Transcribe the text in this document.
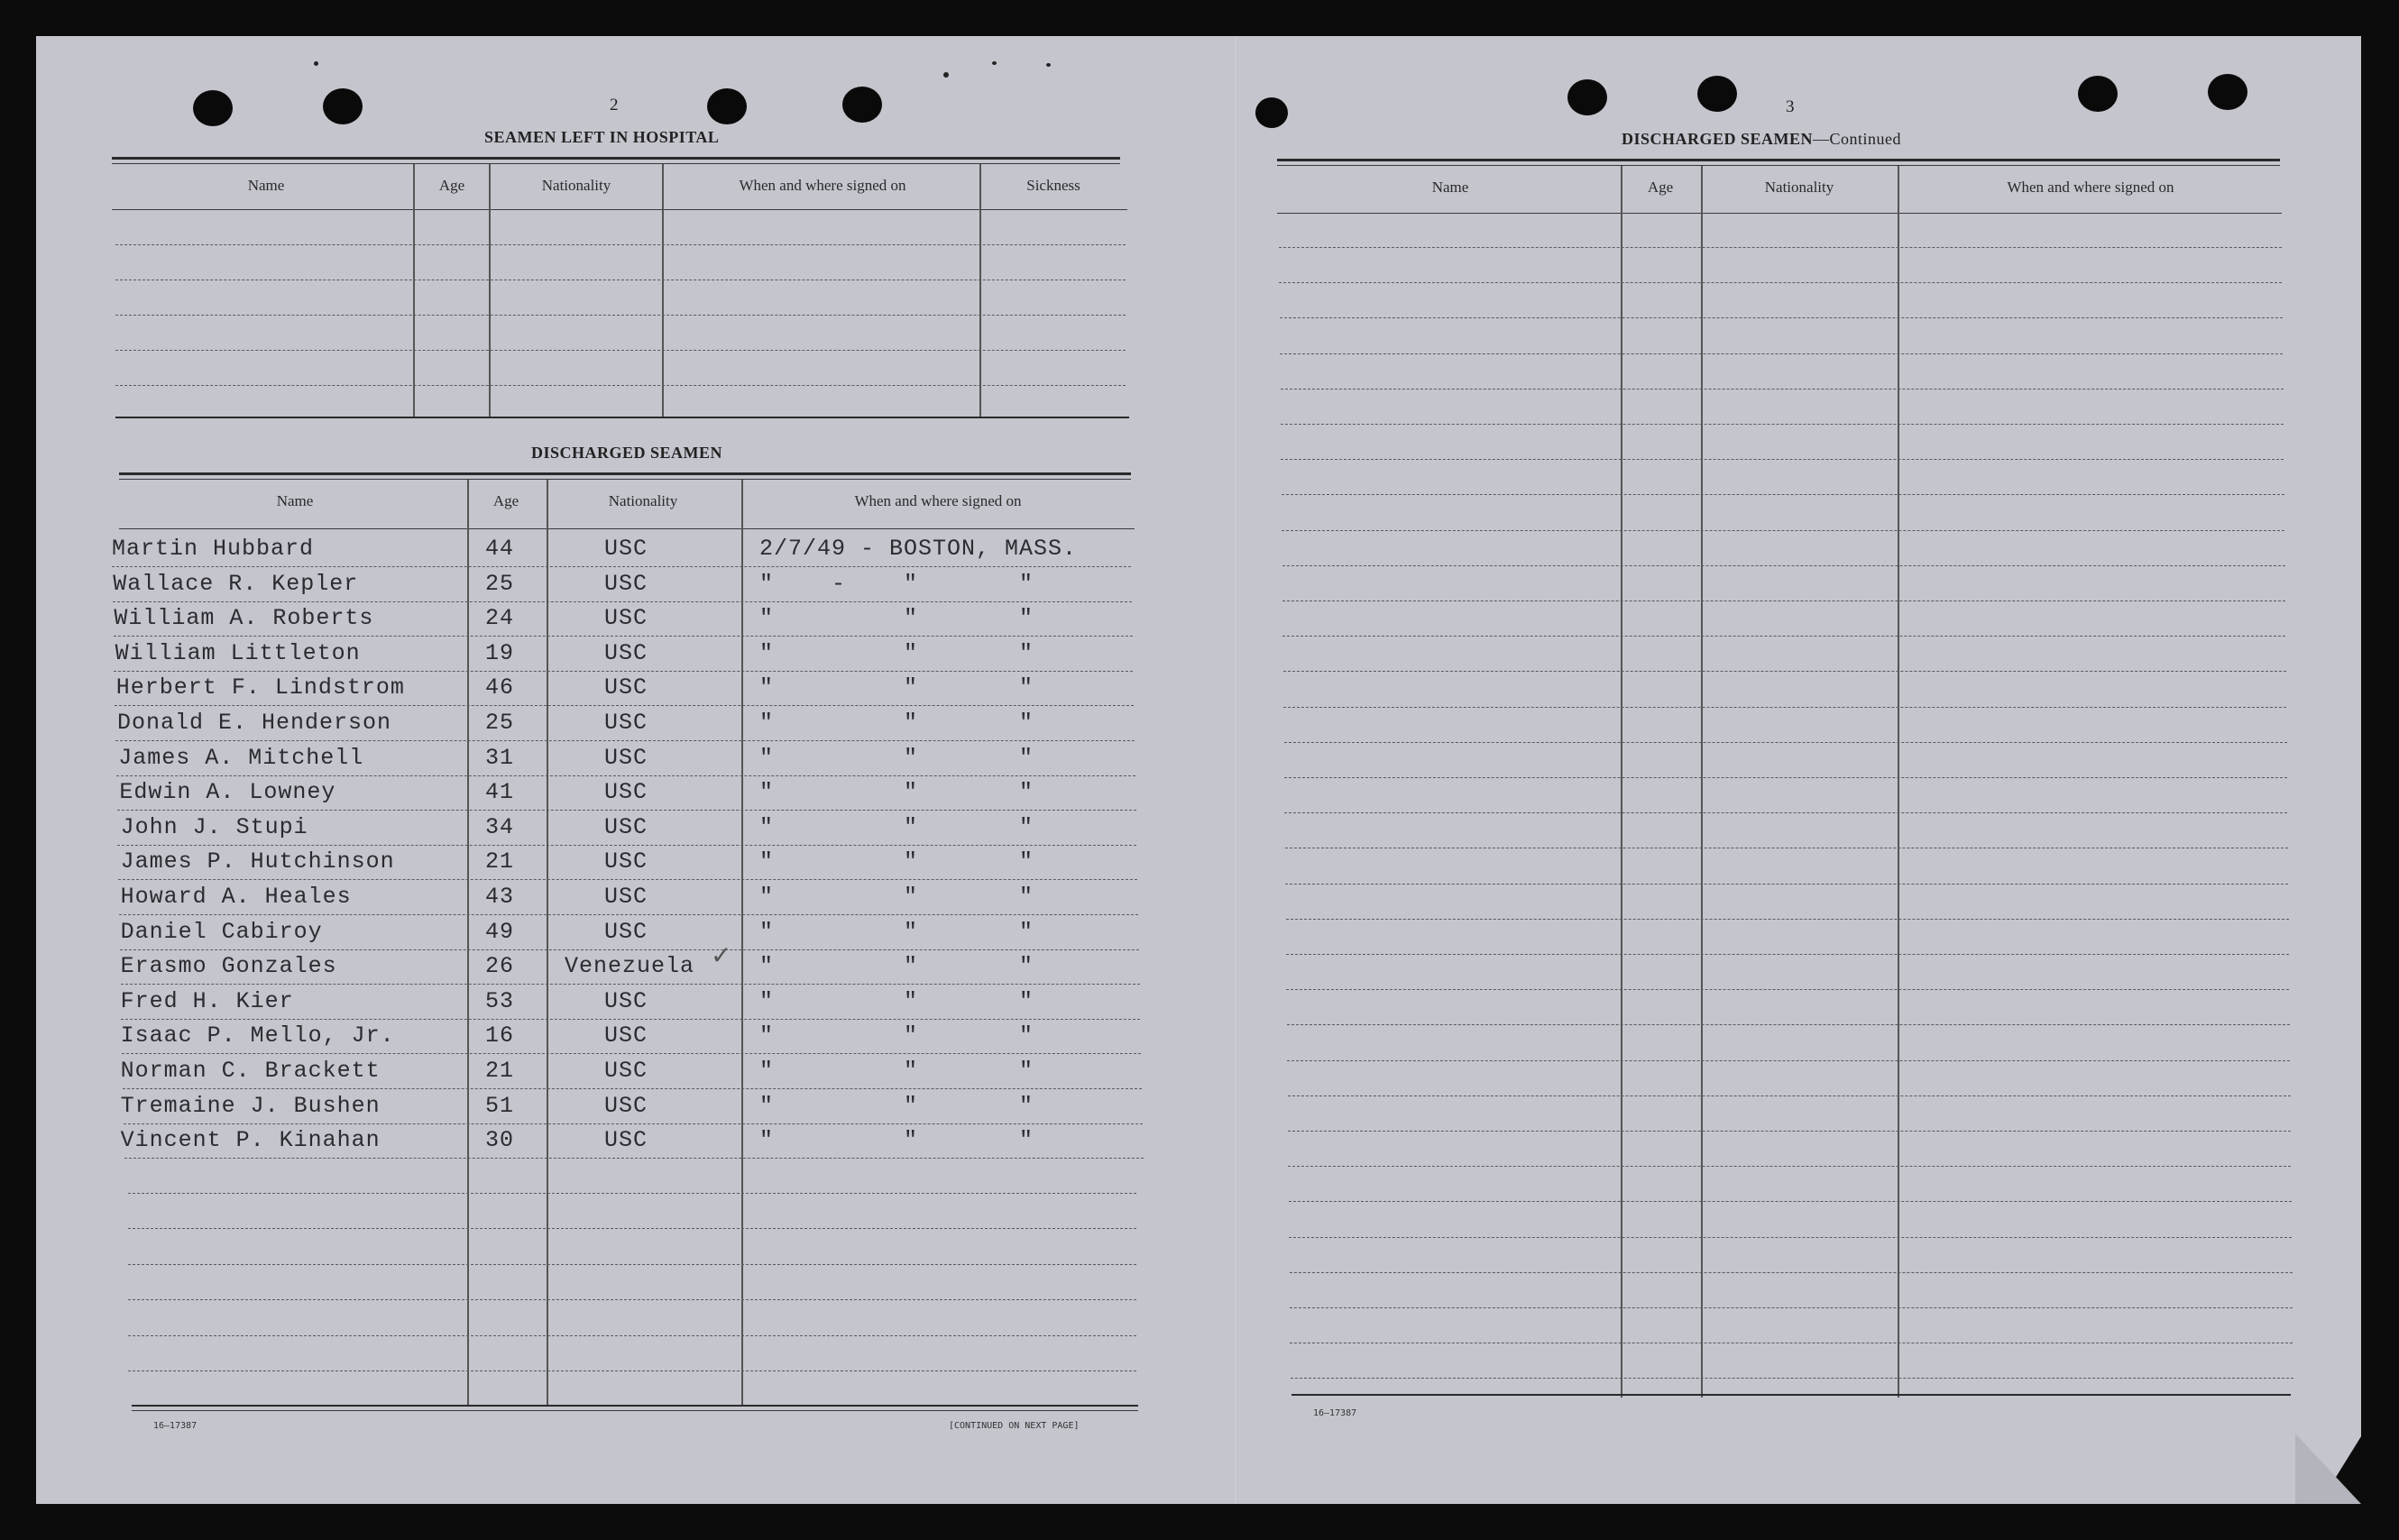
2
SEAMEN LEFT IN HOSPITAL
Name	Age	Nationality	When and where signed on	Sickness
DISCHARGED SEAMEN
Name	Age	Nationality	When and where signed on
Martin Hubbard	44	USC	2/7/49 - BOSTON, MASS.
Wallace R. Kepler	25	USC	"    -    "       "
William A. Roberts	24	USC	"         "       "
William Littleton	19	USC	"         "       "
Herbert F. Lindstrom	46	USC	"         "       "
Donald E. Henderson	25	USC	"         "       "
James A. Mitchell	31	USC	"         "       "
Edwin A. Lowney	41	USC	"         "       "
John J. Stupi	34	USC	"         "       "
James P. Hutchinson	21	USC	"         "       "
Howard A. Heales	43	USC	"         "       "
Daniel Cabiroy	49	USC	"         "       "
Erasmo Gonzales	26 Venezuela	"         "       "
Fred H. Kier	53	USC	"         "       "
Isaac P. Mello, Jr.	16	USC	"         "       "
Norman C. Brackett	21	USC	"         "       "
Tremaine J. Bushen	51	USC	"         "       "
Vincent P. Kinahan	30	USC	"         "       "
✓
16—17387	[CONTINUED ON NEXT PAGE]
3
DISCHARGED SEAMEN—Continued
Name	Age	Nationality	When and where signed on
16—17387
